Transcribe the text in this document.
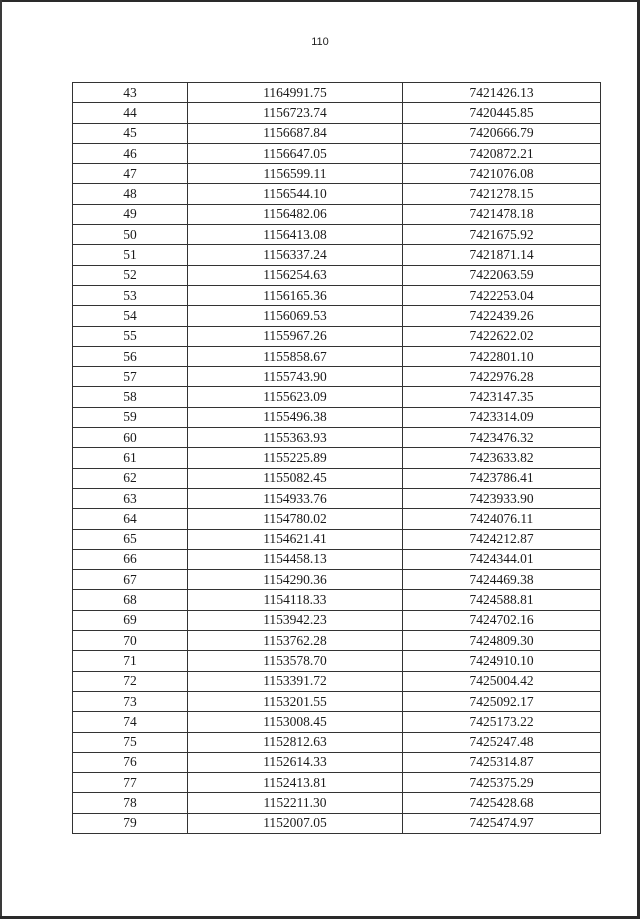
110
43	1164991.75	7421426.13
44	1156723.74	7420445.85
45	1156687.84	7420666.79
46	1156647.05	7420872.21
47	1156599.11	7421076.08
48	1156544.10	7421278.15
49	1156482.06	7421478.18
50	1156413.08	7421675.92
51	1156337.24	7421871.14
52	1156254.63	7422063.59
53	1156165.36	7422253.04
54	1156069.53	7422439.26
55	1155967.26	7422622.02
56	1155858.67	7422801.10
57	1155743.90	7422976.28
58	1155623.09	7423147.35
59	1155496.38	7423314.09
60	1155363.93	7423476.32
61	1155225.89	7423633.82
62	1155082.45	7423786.41
63	1154933.76	7423933.90
64	1154780.02	7424076.11
65	1154621.41	7424212.87
66	1154458.13	7424344.01
67	1154290.36	7424469.38
68	1154118.33	7424588.81
69	1153942.23	7424702.16
70	1153762.28	7424809.30
71	1153578.70	7424910.10
72	1153391.72	7425004.42
73	1153201.55	7425092.17
74	1153008.45	7425173.22
75	1152812.63	7425247.48
76	1152614.33	7425314.87
77	1152413.81	7425375.29
78	1152211.30	7425428.68
79	1152007.05	7425474.97
